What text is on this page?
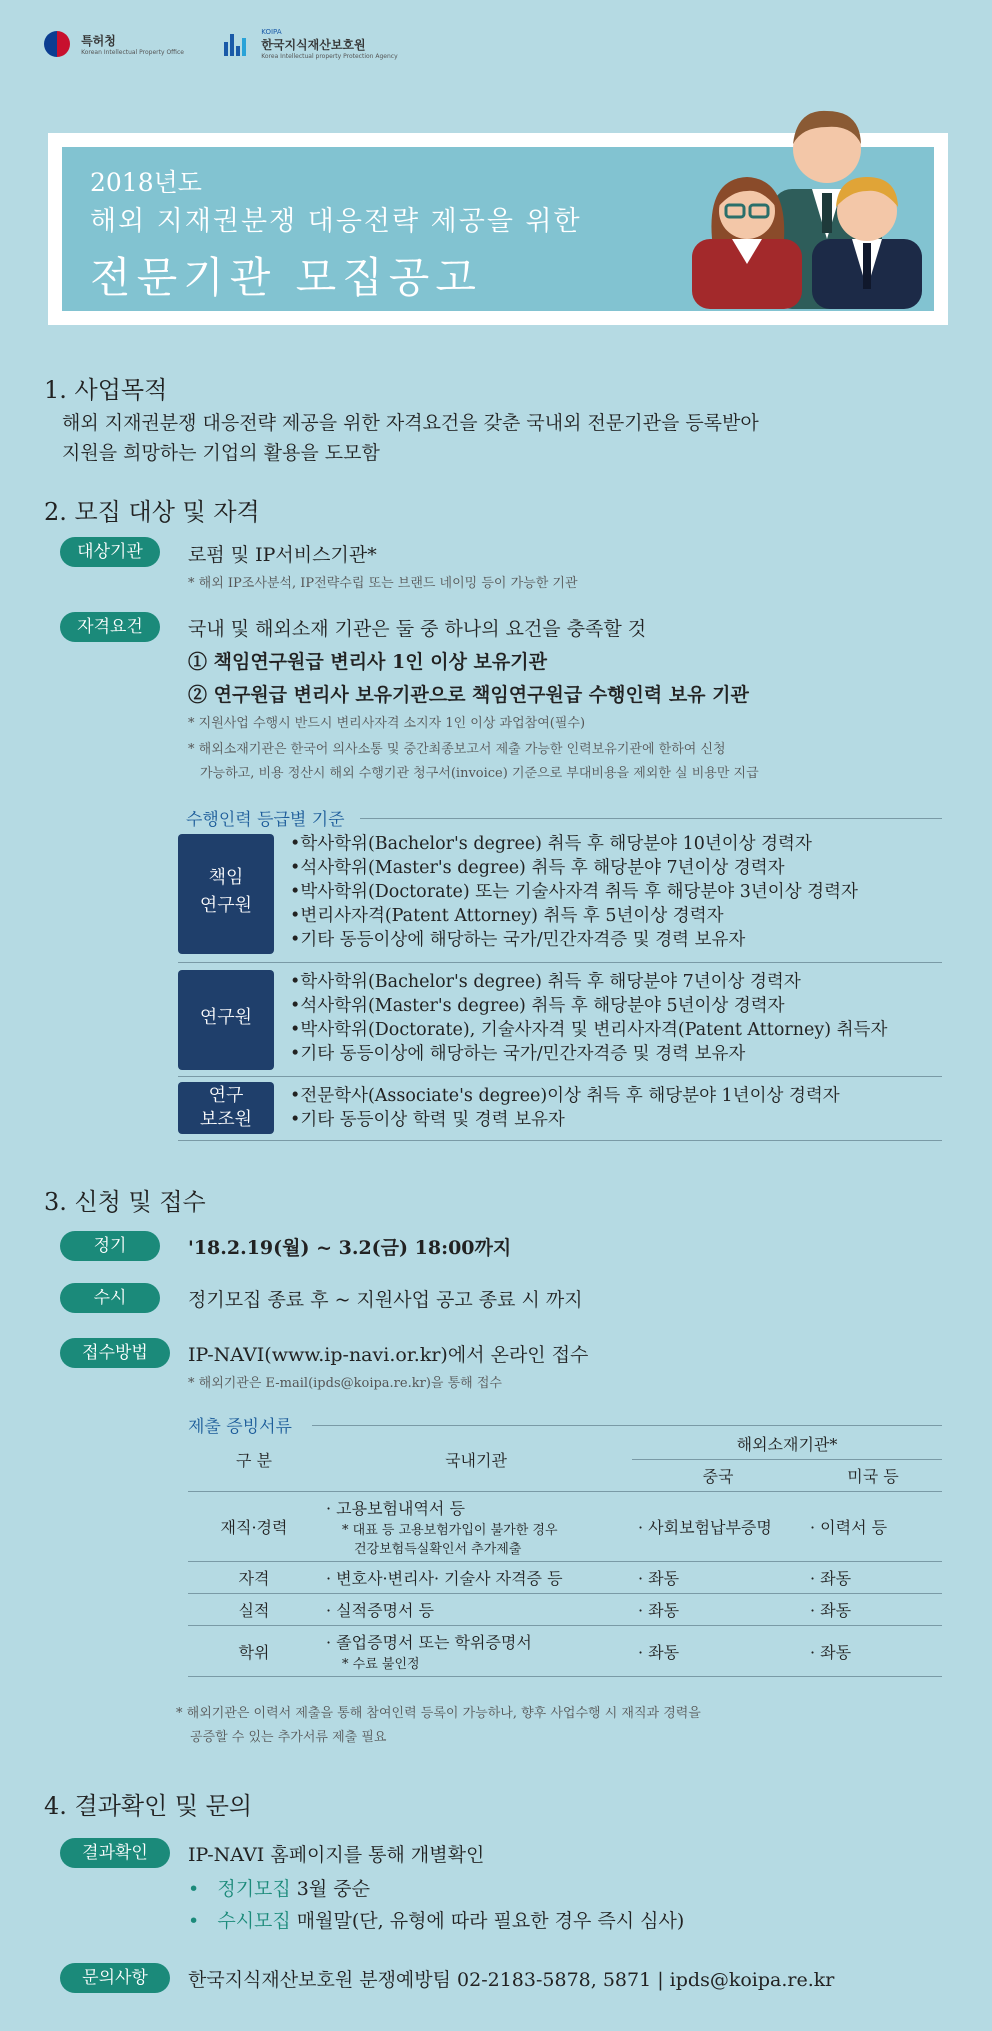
특허청
Korean Intellectual Property Office

KOIPA
한국지식재산보호원
Korea Intellectual property Protection Agency
2018년도
해외 지재권분쟁 대응전략 제공을 위한
전문기관 모집공고
1. 사업목적
해외 지재권분쟁 대응전략 제공을 위한 자격요건을 갖춘 국내외 전문기관을 등록받아
지원을 희망하는 기업의 활용을 도모함
2. 모집 대상 및 자격
대상기관	로펌 및 IP서비스기관*
* 해외 IP조사분석, IP전략수립 또는 브랜드 네이밍 등이 가능한 기관
자격요건	국내 및 해외소재 기관은 둘 중 하나의 요건을 충족할 것
① 책임연구원급 변리사 1인 이상 보유기관
② 연구원급 변리사 보유기관으로 책임연구원급 수행인력 보유 기관
* 지원사업 수행시 반드시 변리사자격 소지자 1인 이상 과업참여(필수)
* 해외소재기관은 한국어 의사소통 및 중간최종보고서 제출 가능한 인력보유기관에 한하여 신청
가능하고, 비용 정산시 해외 수행기관 청구서(invoice) 기준으로 부대비용을 제외한 실 비용만 지급
수행인력 등급별 기준
책임
연구원
•학사학위(Bachelor's degree) 취득 후 해당분야 10년이상 경력자
•석사학위(Master's degree) 취득 후 해당분야 7년이상 경력자
•박사학위(Doctorate) 또는 기술사자격 취득 후 해당분야 3년이상 경력자
•변리사자격(Patent Attorney) 취득 후 5년이상 경력자
•기타 동등이상에 해당하는 국가/민간자격증 및 경력 보유자
연구원
•학사학위(Bachelor's degree) 취득 후 해당분야 7년이상 경력자
•석사학위(Master's degree) 취득 후 해당분야 5년이상 경력자
•박사학위(Doctorate), 기술사자격 및 변리사자격(Patent Attorney) 취득자
•기타 동등이상에 해당하는 국가/민간자격증 및 경력 보유자
연구
보조원
•전문학사(Associate's degree)이상 취득 후 해당분야 1년이상 경력자
•기타 동등이상 학력 및 경력 보유자
3. 신청 및 접수
정기	'18.2.19(월) ~ 3.2(금) 18:00까지
수시	정기모집 종료 후 ~ 지원사업 공고 종료 시 까지
접수방법	IP-NAVI(www.ip-navi.or.kr)에서 온라인 접수
* 해외기관은 E-mail(ipds@koipa.re.kr)을 통해 접수
제출 증빙서류
구 분	국내기관	해외소재기관*	
		중국	미국 등
재직·경력	· 고용보험내역서 등
* 대표 등 고용보험가입이 불가한 경우
건강보험득실확인서 추가제출	· 사회보험납부증명	· 이력서 등
자격	· 변호사·변리사· 기술사 자격증 등	· 좌동	· 좌동
실적	· 실적증명서 등	· 좌동	· 좌동
학위	· 졸업증명서 또는 학위증명서
* 수료 불인정	· 좌동	· 좌동
* 해외기관은 이력서 제출을 통해 참여인력 등록이 가능하나, 향후 사업수행 시 재직과 경력을
공증할 수 있는 추가서류 제출 필요
4. 결과확인 및 문의
결과확인	IP-NAVI 홈페이지를 통해 개별확인
• 정기모집 3월 중순
• 수시모집 매월말(단, 유형에 따라 필요한 경우 즉시 심사)
문의사항	한국지식재산보호원 분쟁예방팀 02-2183-5878, 5871 | ipds@koipa.re.kr
